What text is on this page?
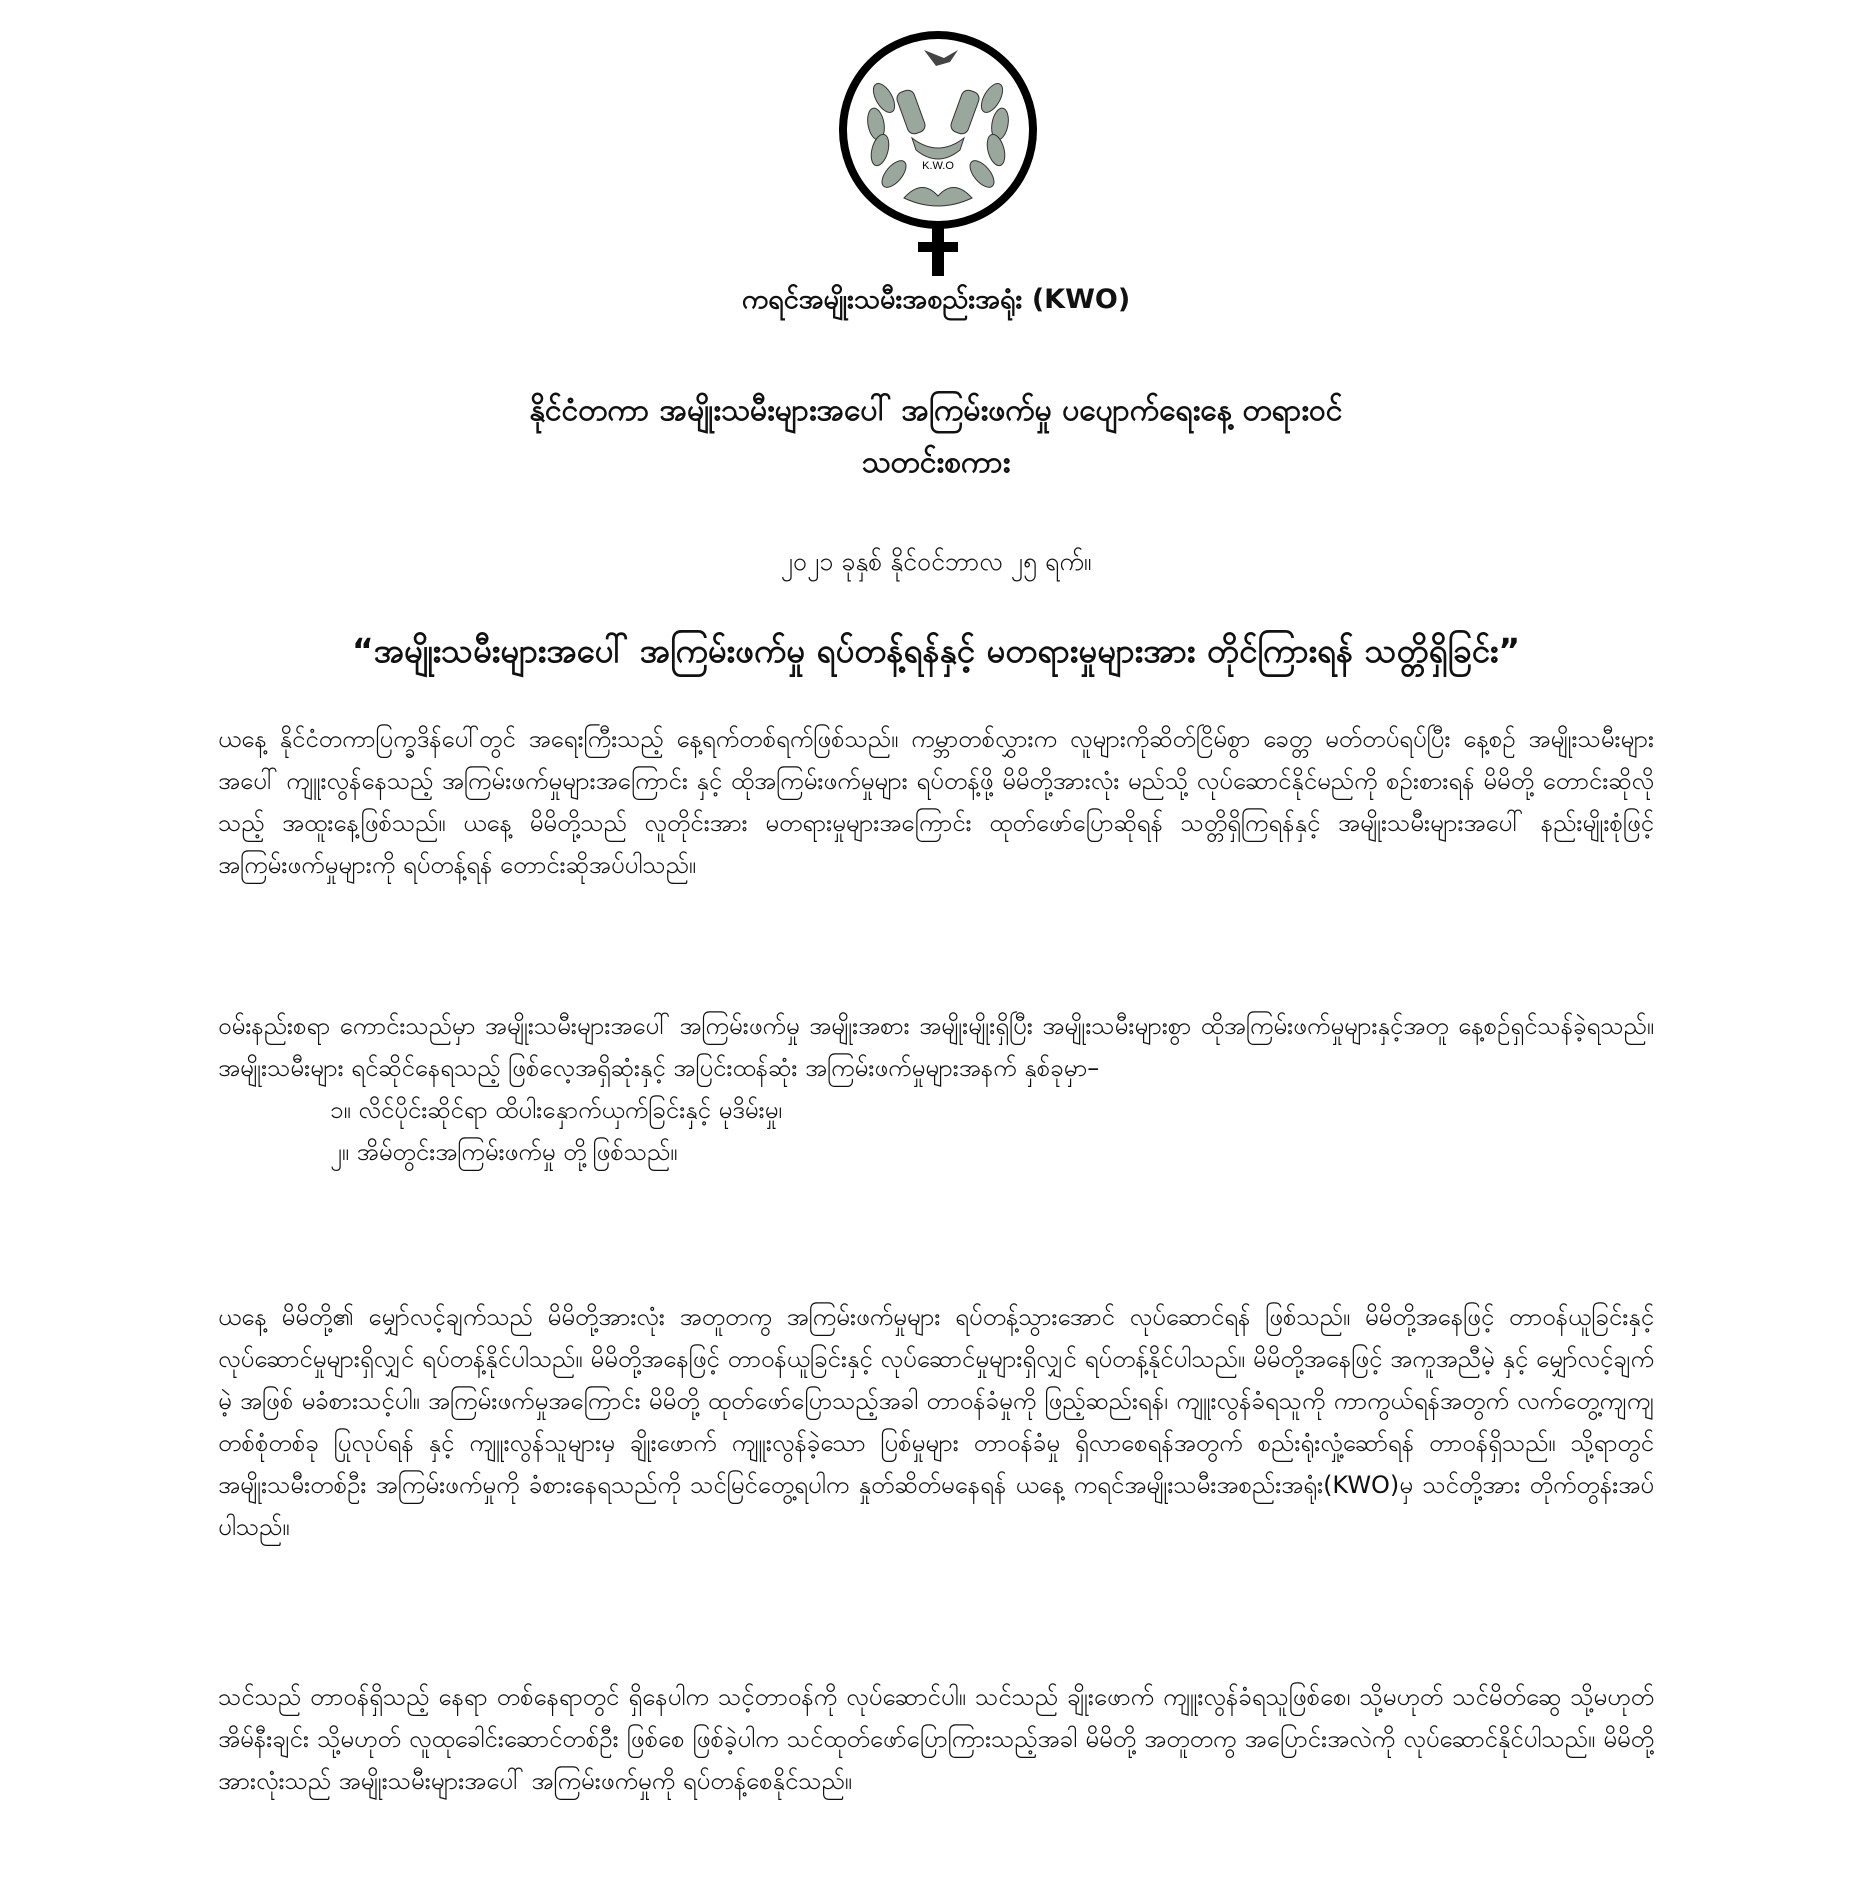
K.W.O
ကရင်အမျိုးသမီးအစည်းအရုံး (KWO)
နိုင်ငံတကာ အမျိုးသမီးများအပေါ် အကြမ်းဖက်မှု ပပျောက်ရေးနေ့ တရားဝင်
သတင်းစကား
၂၀၂၁ ခုနှစ် နိုင်ဝင်ဘာလ ၂၅ ရက်။
“အမျိုးသမီးများအပေါ် အကြမ်းဖက်မှု ရပ်တန့်ရန်နှင့် မတရားမှုများအား တိုင်ကြားရန် သတ္တိရှိခြင်း”
ယနေ့ နိုင်ငံတကာပြက္ခဒိန်ပေါ်တွင် အရေးကြီးသည့် နေ့ရက်တစ်ရက်ဖြစ်သည်။ ကမ္ဘာတစ်လွှားက လူများကိုဆိတ်ငြိမ်စွာ ခေတ္တ မတ်တပ်ရပ်ပြီး နေ့စဉ် အမျိုးသမီးများအပေါ် ကျူးလွန်နေသည့် အကြမ်းဖက်မှုများအကြောင်း နှင့် ထိုအကြမ်းဖက်မှုများ ရပ်တန့်ဖို့ မိမိတို့အားလုံး မည်သို့ လုပ်ဆောင်နိုင်မည်ကို စဉ်းစားရန် မိမိတို့ တောင်းဆိုလိုသည့် အထူးနေ့ဖြစ်သည်။ ယနေ့ မိမိတို့သည် လူတိုင်းအား မတရားမှုများအကြောင်း ထုတ်ဖော်ပြောဆိုရန် သတ္တိရှိကြရန်နှင့် အမျိုးသမီးများအပေါ် နည်းမျိုးစုံဖြင့် အကြမ်းဖက်မှုများကို ရပ်တန့်ရန် တောင်းဆိုအပ်ပါသည်။
ဝမ်းနည်းစရာ ကောင်းသည်မှာ အမျိုးသမီးများအပေါ် အကြမ်းဖက်မှု အမျိုးအစား အမျိုးမျိုးရှိပြီး အမျိုးသမီးများစွာ ထိုအကြမ်းဖက်မှုများနှင့်အတူ နေ့စဉ်ရှင်သန်ခဲ့ရသည်။ အမျိုးသမီးများ ရင်ဆိုင်နေရသည့် ဖြစ်လေ့အရှိဆုံးနှင့် အပြင်းထန်ဆုံး အကြမ်းဖက်မှုများအနက် နှစ်ခုမှာ–
၁။ လိင်ပိုင်းဆိုင်ရာ ထိပါးနှောက်ယှက်ခြင်းနှင့် မုဒိမ်းမှု၊
၂။ အိမ်တွင်းအကြမ်းဖက်မှု တို့ဖြစ်သည်။
ယနေ့ မိမိတို့၏ မျှော်လင့်ချက်သည် မိမိတို့အားလုံး အတူတကွ အကြမ်းဖက်မှုများ ရပ်တန့်သွားအောင် လုပ်ဆောင်ရန် ဖြစ်သည်။ မိမိတို့အနေဖြင့် တာဝန်ယူခြင်းနှင့် လုပ်ဆောင်မှုများရှိလျှင် ရပ်တန့်နိုင်ပါသည်။ မိမိတို့အနေဖြင့် တာဝန်ယူခြင်းနှင့် လုပ်ဆောင်မှုများရှိလျှင် ရပ်တန့်နိုင်ပါသည်။ မိမိတို့အနေဖြင့် အကူအညီမဲ့ နှင့် မျှော်လင့်ချက်မဲ့ အဖြစ် မခံစားသင့်ပါ။ အကြမ်းဖက်မှုအကြောင်း မိမိတို့ ထုတ်ဖော်ပြောသည့်အခါ တာဝန်ခံမှုကို ဖြည့်ဆည်းရန်၊ ကျူးလွန်ခံရသူကို ကာကွယ်ရန်အတွက် လက်တွေ့ကျကျ တစ်စုံတစ်ခု ပြုလုပ်ရန် နှင့် ကျူးလွန်သူများမှ ချိုးဖောက် ကျူးလွန်ခဲ့သော ပြစ်မှုများ တာဝန်ခံမှု ရှိလာစေရန်အတွက် စည်းရုံးလှုံ့ဆော်ရန် တာဝန်ရှိသည်။ သို့ရာတွင် အမျိုးသမီးတစ်ဦး အကြမ်းဖက်မှုကို ခံစားနေရသည်ကို သင်မြင်တွေ့ရပါက နှုတ်ဆိတ်မနေရန် ယနေ့ ကရင်အမျိုးသမီးအစည်းအရုံး(KWO)မှ သင်တို့အား တိုက်တွန်းအပ်ပါသည်။
သင်သည် တာဝန်ရှိသည့် နေရာ တစ်နေရာတွင် ရှိနေပါက သင့်တာဝန်ကို လုပ်ဆောင်ပါ။ သင်သည် ချိုးဖောက် ကျူးလွန်ခံရသူဖြစ်စေ၊ သို့မဟုတ် သင်မိတ်ဆွေ သို့မဟုတ် အိမ်နီးချင်း သို့မဟုတ် လူထုခေါင်းဆောင်တစ်ဦး ဖြစ်စေ ဖြစ်ခဲ့ပါက သင်ထုတ်ဖော်ပြောကြားသည့်အခါ မိမိတို့ အတူတကွ အပြောင်းအလဲကို လုပ်ဆောင်နိုင်ပါသည်။ မိမိတို့အားလုံးသည် အမျိုးသမီးများအပေါ် အကြမ်းဖက်မှုကို ရပ်တန့်စေနိုင်သည်။
